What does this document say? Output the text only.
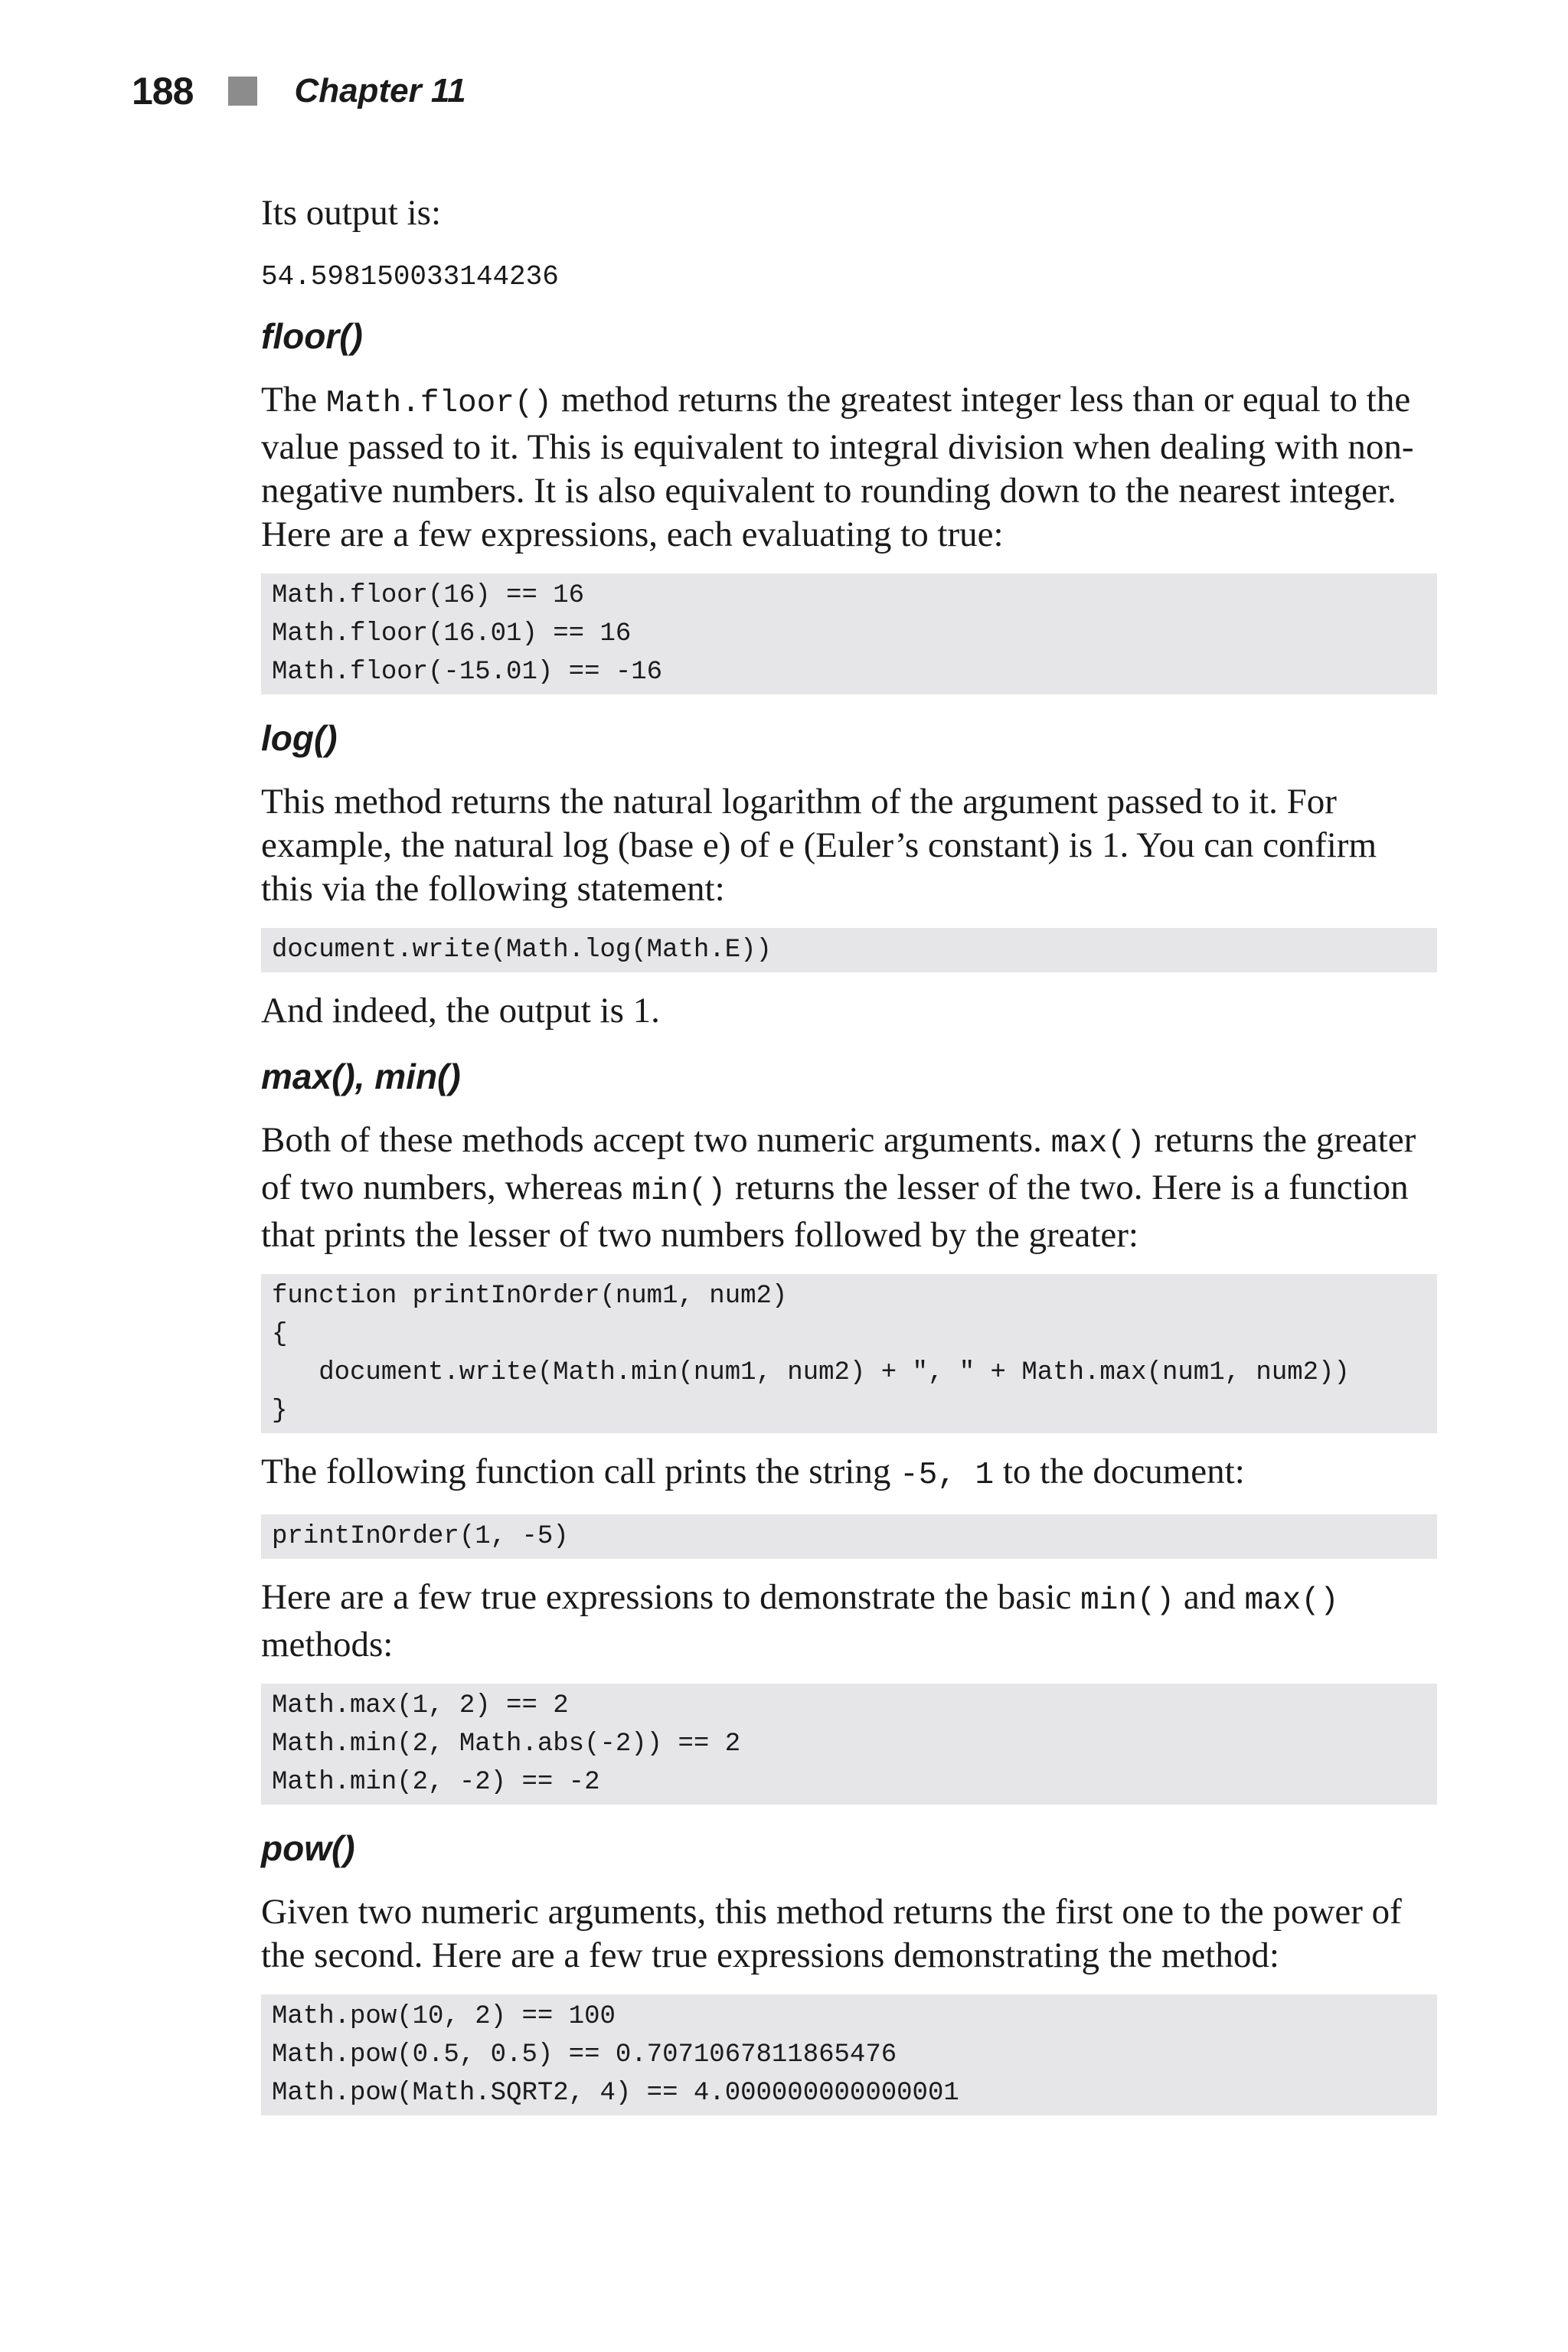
188	Chapter 11

Its output is:

54.598150033144236
floor()

The Math.floor() method returns the greatest integer less than or equal to the value passed to it. This is equivalent to integral division when dealing with non-negative numbers. It is also equivalent to rounding down to the nearest integer. Here are a few expressions, each evaluating to true:

Math.floor(16) == 16
Math.floor(16.01) == 16
Math.floor(-15.01) == -16
log()

This method returns the natural logarithm of the argument passed to it. For example, the natural log (base e) of e (Euler’s constant) is 1. You can confirm this via the following statement:

document.write(Math.log(Math.E))

And indeed, the output is 1.

max(), min()

Both of these methods accept two numeric arguments. max() returns the greater of two numbers, whereas min() returns the lesser of the two. Here is a function that prints the lesser of two numbers followed by the greater:

function printInOrder(num1, num2)
{
document.write(Math.min(num1, num2) + ", " + Math.max(num1, num2))
}

The following function call prints the string -5, 1 to the document:

printInOrder(1, -5)

Here are a few true expressions to demonstrate the basic min() and max() methods:

Math.max(1, 2) == 2
Math.min(2, Math.abs(-2)) == 2
Math.min(2, -2) == -2
pow()

Given two numeric arguments, this method returns the first one to the power of the second. Here are a few true expressions demonstrating the method:

Math.pow(10, 2) == 100
Math.pow(0.5, 0.5) == 0.7071067811865476
Math.pow(Math.SQRT2, 4) == 4.000000000000001
